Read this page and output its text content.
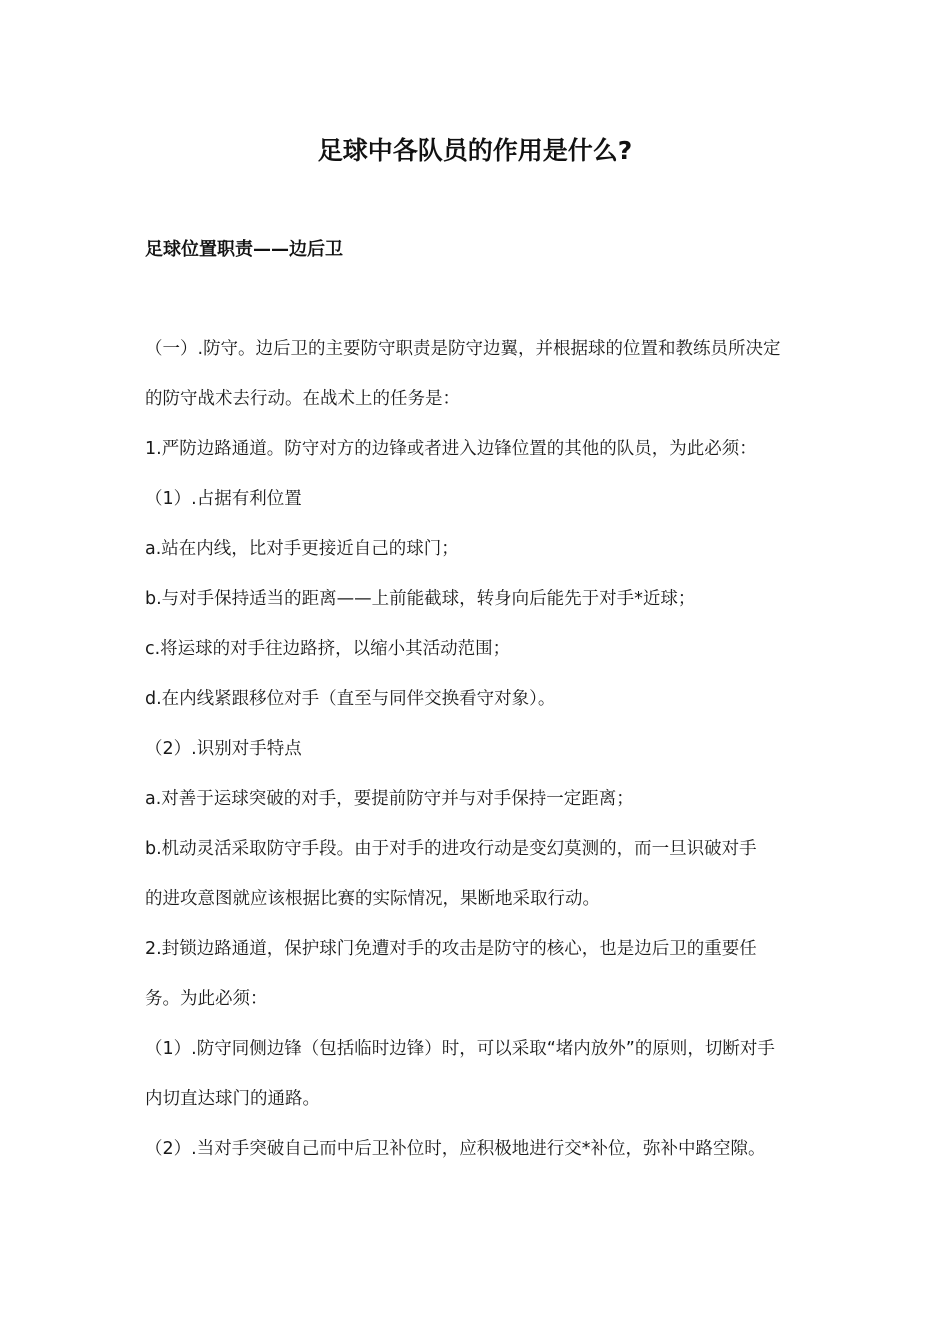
足球中各队员的作用是什么?
足球位置职责——边后卫
（一）.防守。边后卫的主要防守职责是防守边翼，并根据球的位置和教练员所决定
的防守战术去行动。在战术上的任务是：
1.严防边路通道。防守对方的边锋或者进入边锋位置的其他的队员，为此必须：
（1）.占据有利位置
a.站在内线，比对手更接近自己的球门；
b.与对手保持适当的距离——上前能截球，转身向后能先于对手*近球；
c.将运球的对手往边路挤，以缩小其活动范围；
d.在内线紧跟移位对手（直至与同伴交换看守对象）。
（2）.识别对手特点
a.对善于运球突破的对手，要提前防守并与对手保持一定距离；
b.机动灵活采取防守手段。由于对手的进攻行动是变幻莫测的，而一旦识破对手
的进攻意图就应该根据比赛的实际情况，果断地采取行动。
2.封锁边路通道，保护球门免遭对手的攻击是防守的核心，也是边后卫的重要任
务。为此必须：
（1）.防守同侧边锋（包括临时边锋）时，可以采取“堵内放外”的原则，切断对手
内切直达球门的通路。
（2）.当对手突破自己而中后卫补位时，应积极地进行交*补位，弥补中路空隙。
